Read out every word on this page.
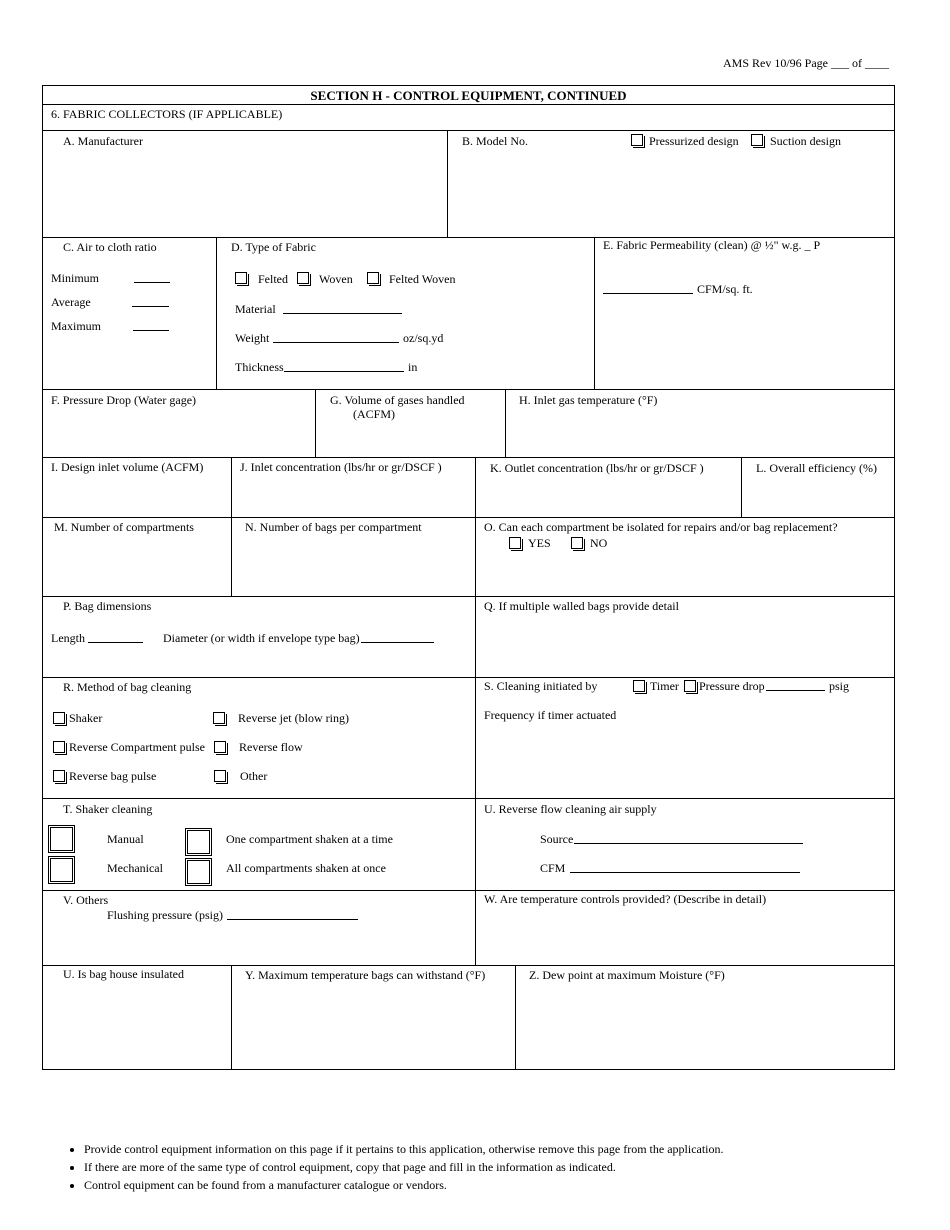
AMS Rev 10/96 Page ___ of ____
SECTION H - CONTROL EQUIPMENT, CONTINUED
6. FABRIC COLLECTORS (IF APPLICABLE)
A. Manufacturer	B. Model No.	Pressurized design	Suction design
C. Air to cloth ratio
Minimum
Average
Maximum
D. Type of Fabric
Felted	Woven	Felted Woven
Material
Weight	oz/sq.yd
Thickness	in
E. Fabric Permeability (clean) @ ½" w.g. _ P
CFM/sq. ft.
F. Pressure Drop (Water gage)	G. Volume of gases handled
(ACFM)
H. Inlet gas temperature (°F)
I. Design inlet volume (ACFM)	J. Inlet concentration (lbs/hr or gr/DSCF )	K. Outlet concentration (lbs/hr or gr/DSCF )	L. Overall efficiency (%)
M. Number of compartments	N. Number of bags per compartment	O. Can each compartment be isolated for repairs and/or bag replacement?
YES	NO
P. Bag dimensions
Length	Diameter (or width if envelope type bag)
Q. If multiple walled bags provide detail
R. Method of bag cleaning
Shaker	Reverse jet (blow ring)
Reverse Compartment pulse	Reverse flow
Reverse bag pulse	Other
S. Cleaning initiated by	Timer Pressure drop	psig
Frequency if timer actuated
T. Shaker cleaning
Manual	One compartment shaken at a time
Mechanical	All compartments shaken at once
U. Reverse flow cleaning air supply
Source
CFM
V. Others
Flushing pressure (psig)
W. Are temperature controls provided? (Describe in detail)
U. Is bag house insulated	Y. Maximum temperature bags can withstand (°F)	Z. Dew point at maximum Moisture (°F)
• Provide control equipment information on this page if it pertains to this application, otherwise remove this page from the application.
• If there are more of the same type of control equipment, copy that page and fill in the information as indicated.
• Control equipment can be found from a manufacturer catalogue or vendors.
